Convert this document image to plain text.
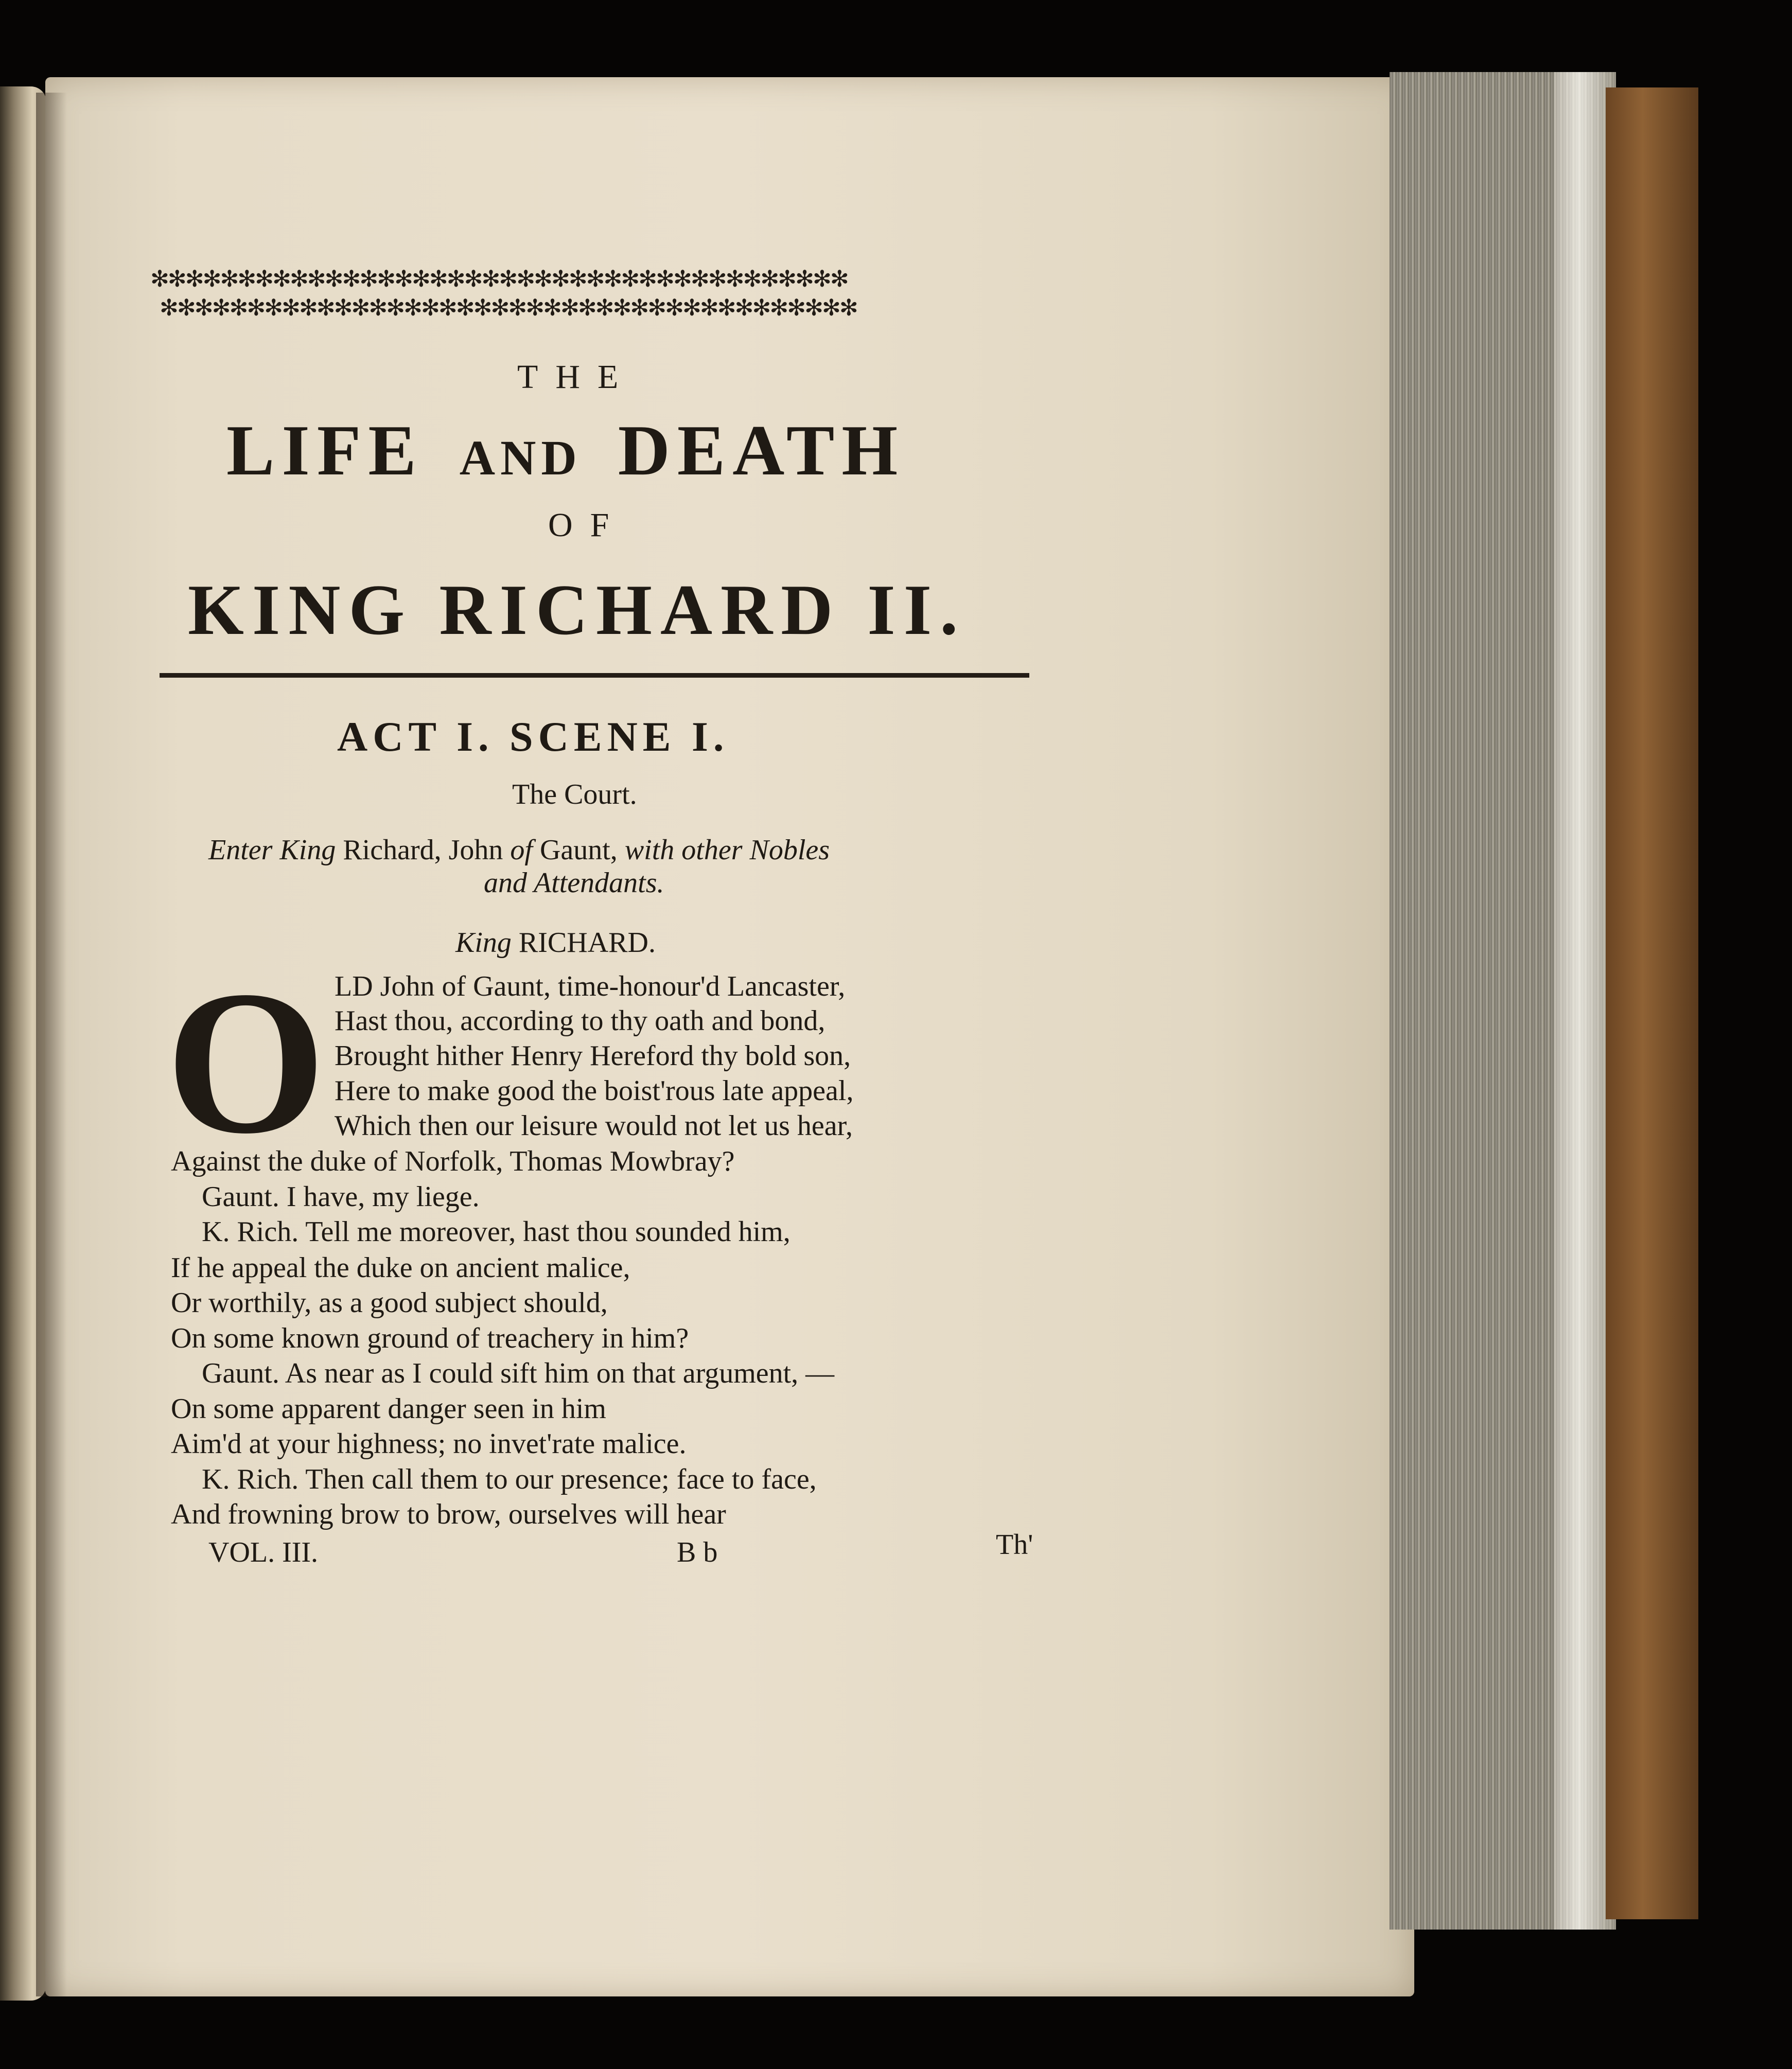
✻✻✻✻✻✻✻✻✻✻✻✻✻✻✻✻✻✻✻✻✻✻✻✻✻✻✻✻✻✻✻✻✻✻✻✻✻✻✻✻
✻✻✻✻✻✻✻✻✻✻✻✻✻✻✻✻✻✻✻✻✻✻✻✻✻✻✻✻✻✻✻✻✻✻✻✻✻✻✻✻
THE
LIFE AND DEATH
OF
KING RICHARD II.
ACT I. SCENE I.
The Court.
Enter King Richard, John of Gaunt, with other Nobles
and Attendants.
King RICHARD.
O LD John of Gaunt, time-honour'd Lancaster,
Hast thou, according to thy oath and bond,
Brought hither Henry Hereford thy bold son,
Here to make good the boist'rous late appeal,
Which then our leisure would not let us hear,
Against the duke of Norfolk, Thomas Mowbray?
Gaunt. I have, my liege.
K. Rich. Tell me moreover, hast thou sounded him,
If he appeal the duke on ancient malice,
Or worthily, as a good subject should,
On some known ground of treachery in him?
Gaunt. As near as I could sift him on that argument, —
On some apparent danger seen in him
Aim'd at your highness; no invet'rate malice.
K. Rich. Then call them to our presence; face to face,
And frowning brow to brow, ourselves will hear
VOL. III.	B b	Th'
